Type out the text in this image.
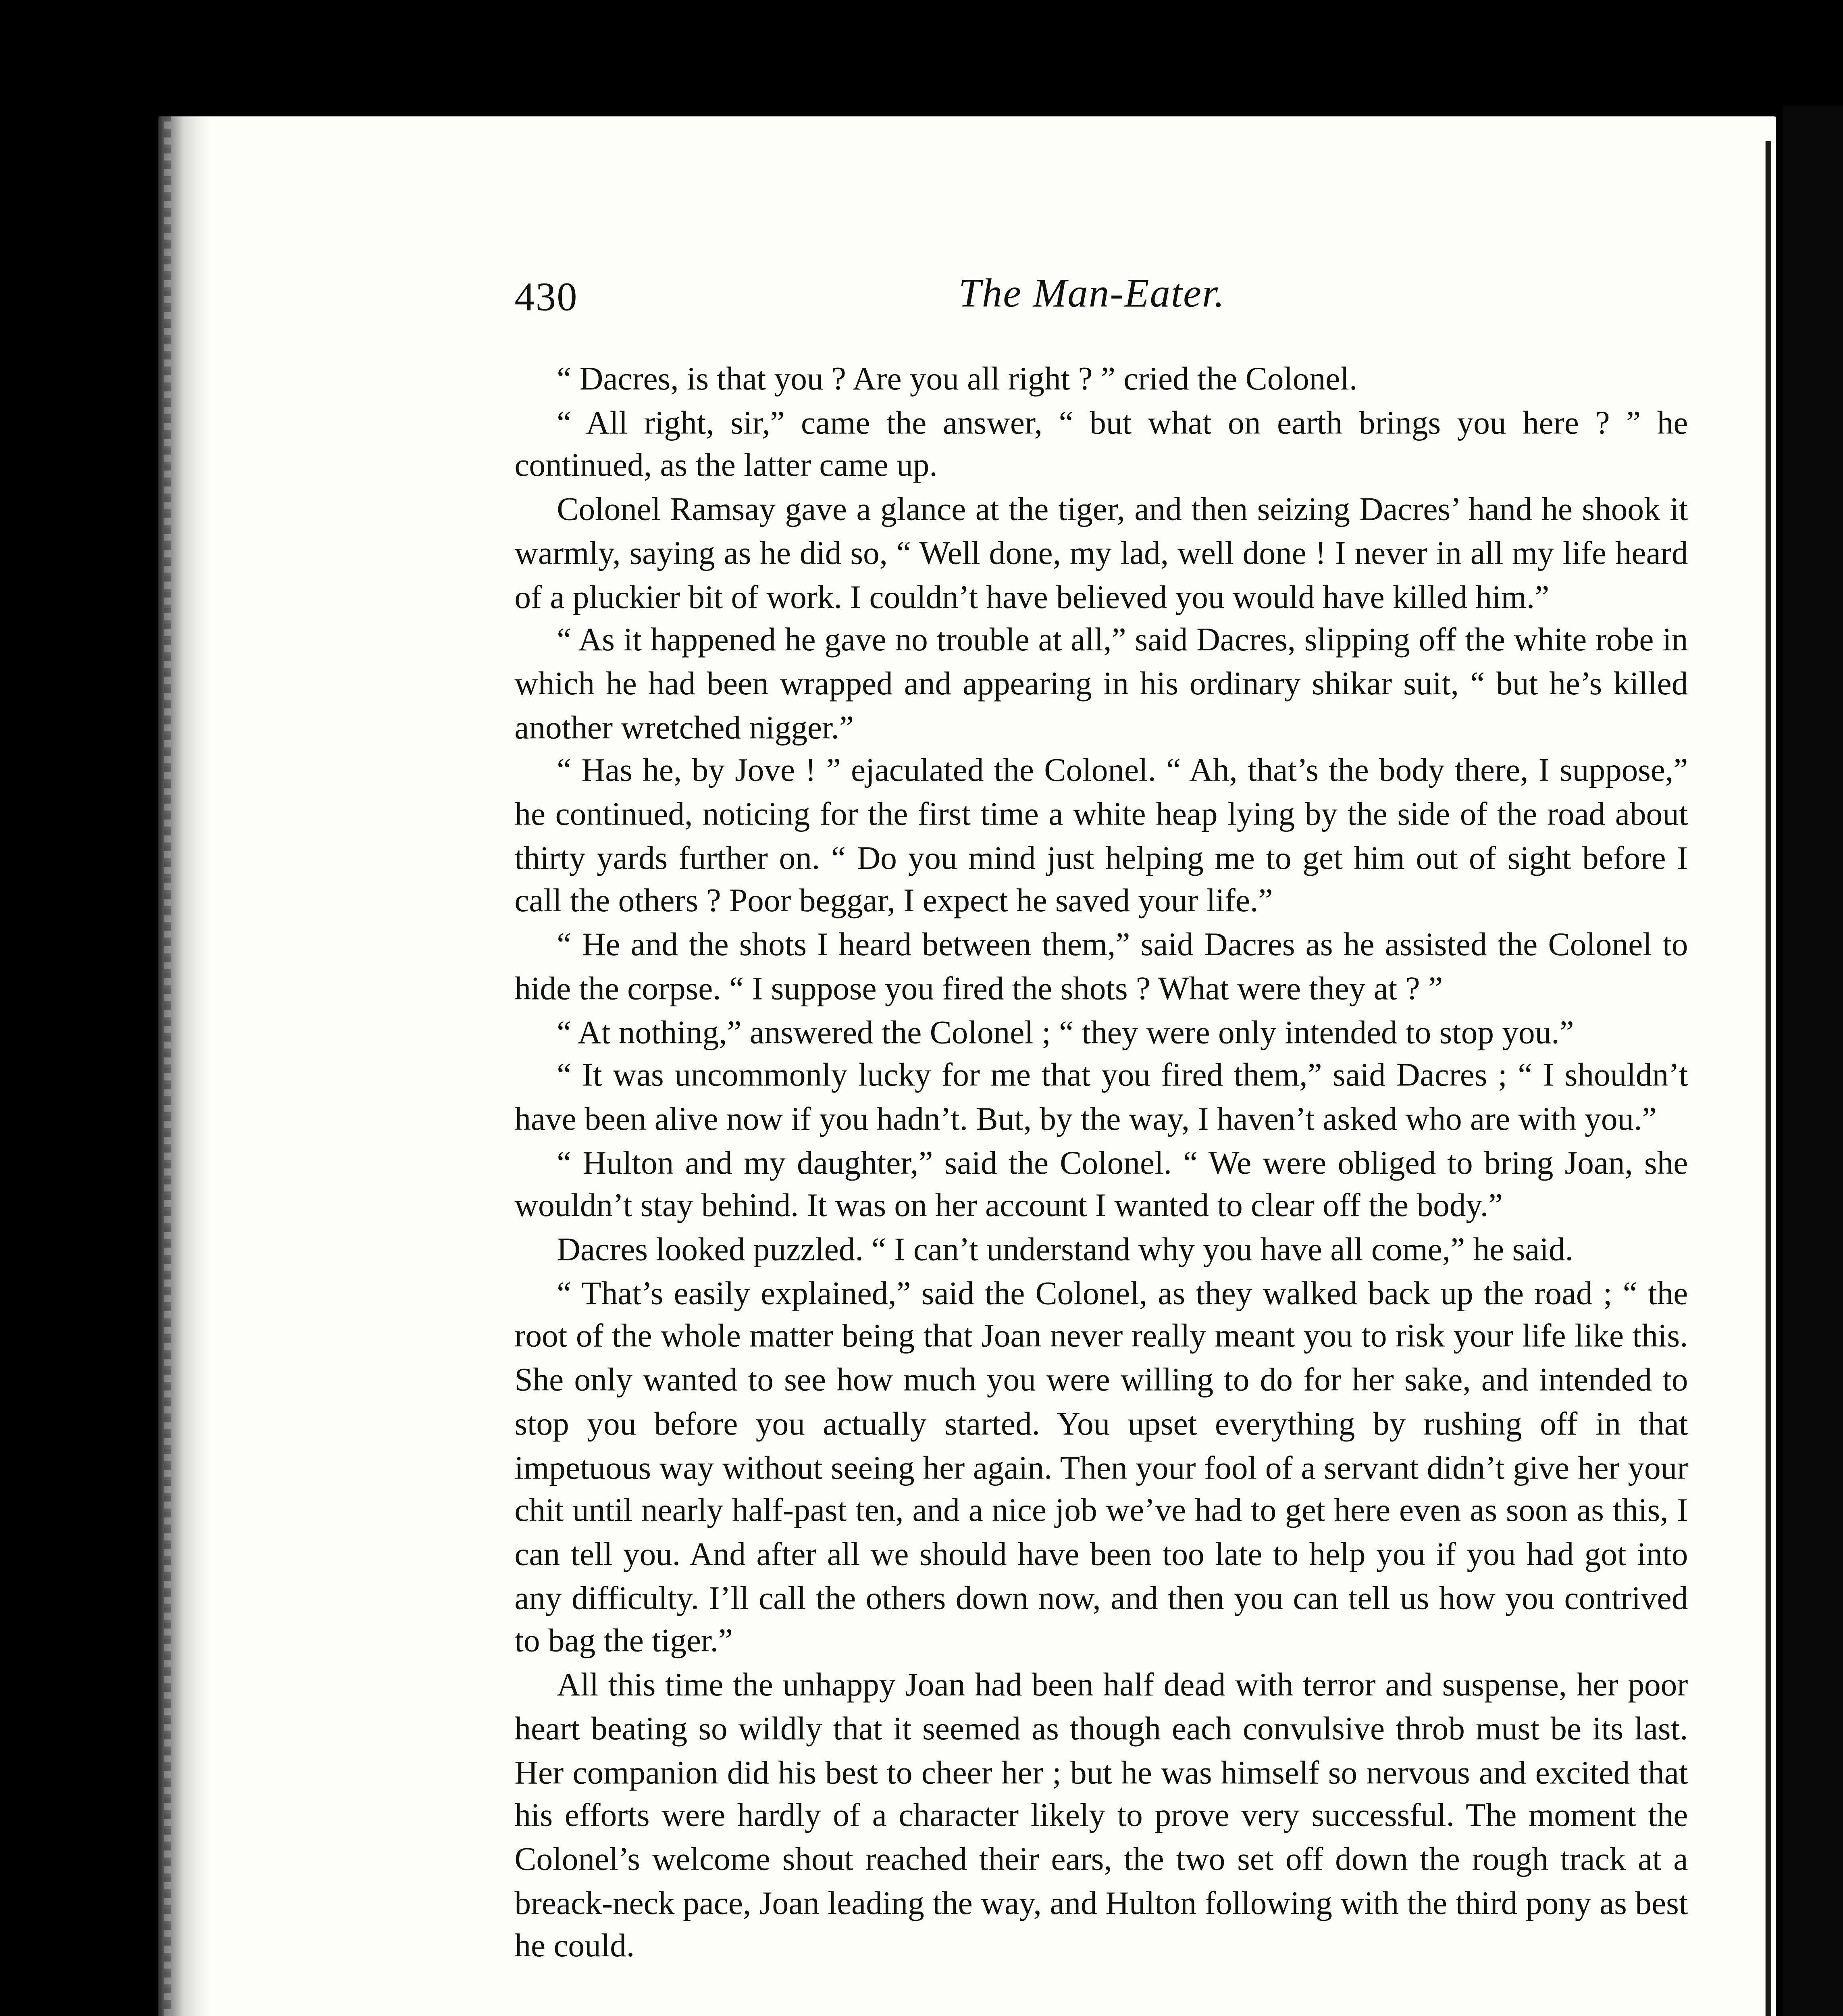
430	The Man-Eater.

“ Dacres, is that you ? Are you all right ? ” cried the Colonel.

“ All right, sir,” came the answer, “ but what on earth brings you here ? ” he continued, as the latter came up.

Colonel Ramsay gave a glance at the tiger, and then seizing Dacres’ hand he shook it warmly, saying as he did so, “ Well done, my lad, well done ! I never in all my life heard of a pluckier bit of work. I couldn’t have believed you would have killed him.”

“ As it happened he gave no trouble at all,” said Dacres, slipping off the white robe in which he had been wrapped and appearing in his ordinary shikar suit, “ but he’s killed another wretched nigger.”

“ Has he, by Jove ! ” ejaculated the Colonel. “ Ah, that’s the body there, I suppose,” he continued, noticing for the first time a white heap lying by the side of the road about thirty yards further on. “ Do you mind just helping me to get him out of sight before I call the others ? Poor beggar, I expect he saved your life.”

“ He and the shots I heard between them,” said Dacres as he assisted the Colonel to hide the corpse. “ I suppose you fired the shots ? What were they at ? ”

“ At nothing,” answered the Colonel ; “ they were only intended to stop you.”

“ It was uncommonly lucky for me that you fired them,” said Dacres ; “ I shouldn’t have been alive now if you hadn’t. But, by the way, I haven’t asked who are with you.”

“ Hulton and my daughter,” said the Colonel. “ We were obliged to bring Joan, she wouldn’t stay behind. It was on her account I wanted to clear off the body.”

Dacres looked puzzled. “ I can’t understand why you have all come,” he said.

“ That’s easily explained,” said the Colonel, as they walked back up the road ; “ the root of the whole matter being that Joan never really meant you to risk your life like this. She only wanted to see how much you were willing to do for her sake, and intended to stop you before you actually started. You upset everything by rushing off in that impetuous way without seeing her again. Then your fool of a servant didn’t give her your chit until nearly half-past ten, and a nice job we’ve had to get here even as soon as this, I can tell you. And after all we should have been too late to help you if you had got into any difficulty. I’ll call the others down now, and then you can tell us how you contrived to bag the tiger.”

All this time the unhappy Joan had been half dead with terror and suspense, her poor heart beating so wildly that it seemed as though each convulsive throb must be its last. Her companion did his best to cheer her ; but he was himself so nervous and excited that his efforts were hardly of a character likely to prove very successful. The moment the Colonel’s welcome shout reached their ears, the two set off down the rough track at a breack-neck pace, Joan leading the way, and Hulton following with the third pony as best he could.
